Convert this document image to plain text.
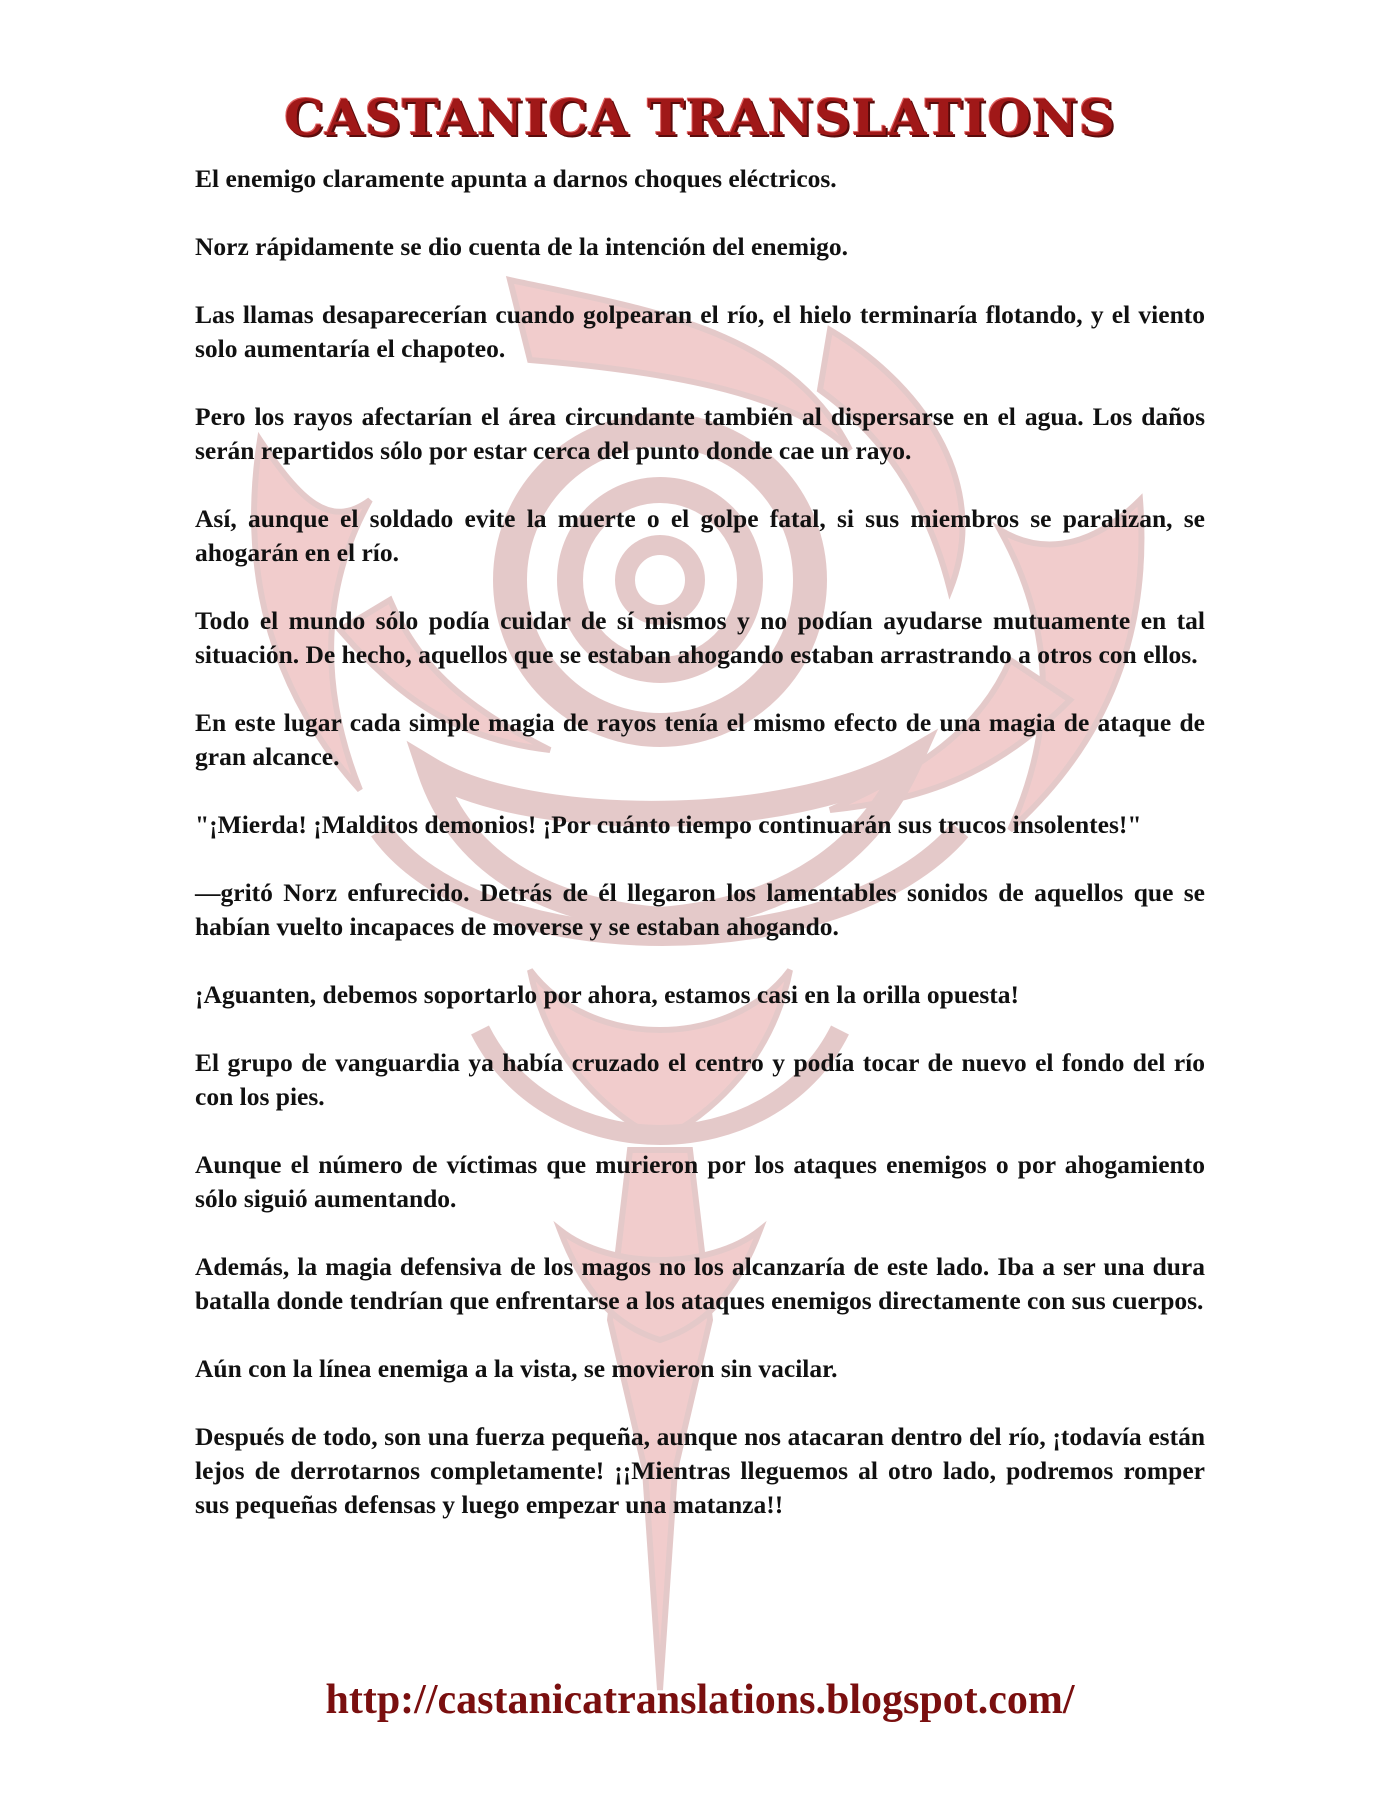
CASTANICA TRANSLATIONS

El enemigo claramente apunta a darnos choques eléctricos.

Norz rápidamente se dio cuenta de la intención del enemigo.

Las llamas desaparecerían cuando golpearan el río, el hielo terminaría flotando, y el viento solo aumentaría el chapoteo.

Pero los rayos afectarían el área circundante también al dispersarse en el agua. Los daños serán repartidos sólo por estar cerca del punto donde cae un rayo.

Así, aunque el soldado evite la muerte o el golpe fatal, si sus miembros se paralizan, se ahogarán en el río.

Todo el mundo sólo podía cuidar de sí mismos y no podían ayudarse mutuamente en tal situación. De hecho, aquellos que se estaban ahogando estaban arrastrando a otros con ellos.

En este lugar cada simple magia de rayos tenía el mismo efecto de una magia de ataque de gran alcance.

"¡Mierda! ¡Malditos demonios! ¡Por cuánto tiempo continuarán sus trucos insolentes!"

—gritó Norz enfurecido. Detrás de él llegaron los lamentables sonidos de aquellos que se habían vuelto incapaces de moverse y se estaban ahogando.

¡Aguanten, debemos soportarlo por ahora, estamos casi en la orilla opuesta!

El grupo de vanguardia ya había cruzado el centro y podía tocar de nuevo el fondo del río con los pies.

Aunque el número de víctimas que murieron por los ataques enemigos o por ahogamiento sólo siguió aumentando.

Además, la magia defensiva de los magos no los alcanzaría de este lado. Iba a ser una dura batalla donde tendrían que enfrentarse a los ataques enemigos directamente con sus cuerpos.

Aún con la línea enemiga a la vista, se movieron sin vacilar.

Después de todo, son una fuerza pequeña, aunque nos atacaran dentro del río, ¡todavía están lejos de derrotarnos completamente! ¡¡Mientras lleguemos al otro lado, podremos romper sus pequeñas defensas y luego empezar una matanza!!

http://castanicatranslations.blogspot.com/
